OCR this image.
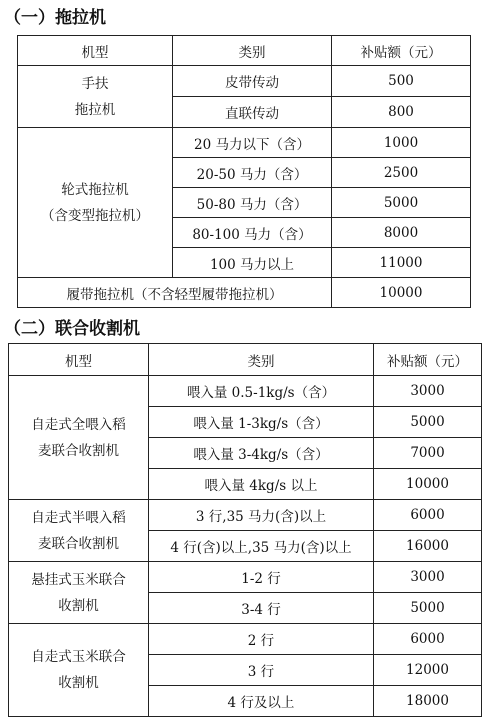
（一）拖拉机
机型	类别	补贴额（元）

手扶
拖拉机	皮带传动	500
	直联传动	800

轮式拖拉机
（含变型拖拉机）	20 马力以下（含）	1000
	20-50 马力（含）	2500
	50-80 马力（含）	5000
	80-100 马力（含）	8000
	100 马力以上	11000
履带拖拉机（不含轻型履带拖拉机）		10000
（二）联合收割机
机型	类别	补贴额（元）

自走式全喂入稻
麦联合收割机	喂入量 0.5-1kg/s（含）	3000
	喂入量 1-3kg/s（含）	5000
	喂入量 3-4kg/s（含）	7000
	喂入量 4kg/s 以上	10000

自走式半喂入稻
麦联合收割机	3 行,35 马力(含)以上	6000
	4 行(含)以上,35 马力(含)以上	16000

悬挂式玉米联合
收割机	1-2 行	3000
	3-4 行	5000

自走式玉米联合
收割机	2 行	6000
	3 行	12000
	4 行及以上	18000
